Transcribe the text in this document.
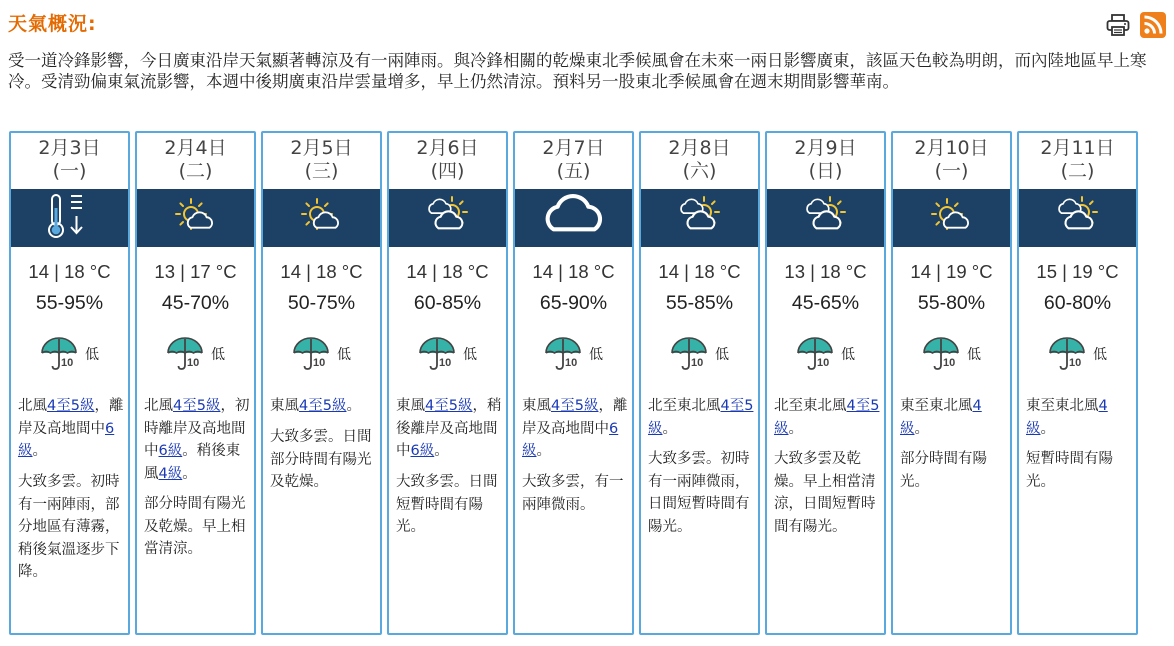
天氣概況:

受一道冷鋒影響，今日廣東沿岸天氣顯著轉涼及有一兩陣雨。與冷鋒相關的乾燥東北季候風會在未來一兩日影響廣東，該區天色較為明朗，而內陸地區早上寒冷。受清勁偏東氣流影響，本週中後期廣東沿岸雲量增多，早上仍然清涼。預料另一股東北季候風會在週末期間影響華南。

2月3日
(一)
14 | 18 °C
55-95%
10 低
北風4至5級，離岸及高地間中6級。
大致多雲。初時有一兩陣雨，部分地區有薄霧，稍後氣溫逐步下降。
2月4日
(二)
13 | 17 °C
45-70%
10 低
北風4至5級，初時離岸及高地間中6級。稍後東風4級。
部分時間有陽光及乾燥。早上相當清涼。
2月5日
(三)
14 | 18 °C
50-75%
10 低
東風4至5級。
大致多雲。日間部分時間有陽光及乾燥。
2月6日
(四)
14 | 18 °C
60-85%
10 低
東風4至5級，稍後離岸及高地間中6級。
大致多雲。日間短暫時間有陽光。
2月7日
(五)
14 | 18 °C
65-90%
10 低
東風4至5級，離岸及高地間中6級。
大致多雲，有一兩陣微雨。
2月8日
(六)
14 | 18 °C
55-85%
10 低
北至東北風4至5級。
大致多雲。初時有一兩陣微雨，日間短暫時間有陽光。
2月9日
(日)
13 | 18 °C
45-65%
10 低
北至東北風4至5級。
大致多雲及乾燥。早上相當清涼，日間短暫時間有陽光。
2月10日
(一)
14 | 19 °C
55-80%
10 低
東至東北風4級。
部分時間有陽光。
2月11日
(二)
15 | 19 °C
60-80%
10 低
東至東北風4級。
短暫時間有陽光。
